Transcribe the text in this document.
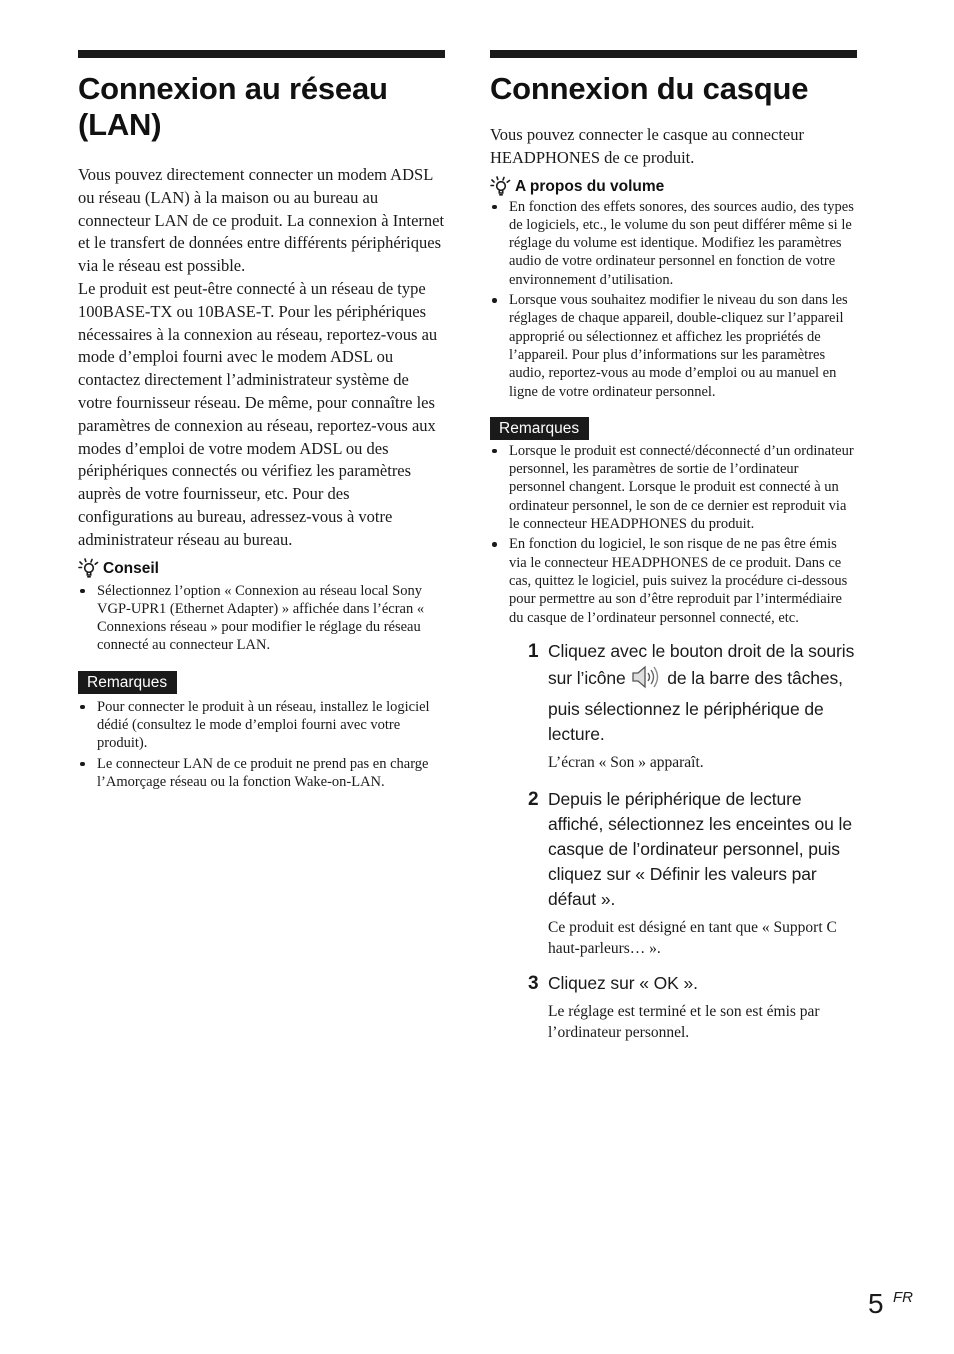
Connexion au réseau
(LAN)

Vous pouvez directement connecter un modem ADSL ou réseau (LAN) à la maison ou au bureau au connecteur LAN de ce produit. La connexion à Internet et le transfert de données entre différents périphériques via le réseau est possible.

Le produit est peut-être connecté à un réseau de type 100BASE-TX ou 10BASE-T. Pour les périphériques nécessaires à la connexion au réseau, reportez-vous au mode d’emploi fourni avec le modem ADSL ou contactez directement l’administrateur système de votre fournisseur réseau. De même, pour connaître les paramètres de connexion au réseau, reportez-vous aux modes d’emploi de votre modem ADSL ou des périphériques connectés ou vérifiez les paramètres auprès de votre fournisseur, etc. Pour des configurations au bureau, adressez-vous à votre administrateur réseau au bureau.

Conseil
Sélectionnez l’option « Connexion au réseau local Sony VGP-UPR1 (Ethernet Adapter) » affichée dans l’écran « Connexions réseau » pour modifier le réglage du réseau connecté au connecteur LAN.
Remarques
Pour connecter le produit à un réseau, installez le logiciel dédié (consultez le mode d’emploi fourni avec votre produit).
Le connecteur LAN de ce produit ne prend pas en charge l’Amorçage réseau ou la fonction Wake-on-LAN.
Connexion du casque

Vous pouvez connecter le casque au connecteur HEADPHONES de ce produit.

A propos du volume
En fonction des effets sonores, des sources audio, des types de logiciels, etc., le volume du son peut différer même si le réglage du volume est identique. Modifiez les paramètres audio de votre ordinateur personnel en fonction de votre environnement d’utilisation.
Lorsque vous souhaitez modifier le niveau du son dans les réglages de chaque appareil, double-cliquez sur l’appareil approprié ou sélectionnez et affichez les propriétés de l’appareil. Pour plus d’informations sur les paramètres audio, reportez-vous au mode d’emploi ou au manuel en ligne de votre ordinateur personnel.
Remarques
Lorsque le produit est connecté/déconnecté d’un ordinateur personnel, les paramètres de sortie de l’ordinateur personnel changent. Lorsque le produit est connecté à un ordinateur personnel, le son de ce dernier est reproduit via le connecteur HEADPHONES du produit.
En fonction du logiciel, le son risque de ne pas être émis via le connecteur HEADPHONES de ce produit. Dans ce cas, quittez le logiciel, puis suivez la procédure ci-dessous pour permettre au son d’être reproduit par l’intermédiaire du casque de l’ordinateur personnel connecté, etc.
1 Cliquez avec le bouton droit de la souris sur l’icône de la barre des tâches, puis sélectionnez le périphérique de lecture.

L’écran « Son » apparaît.

2 Depuis le périphérique de lecture affiché, sélectionnez les enceintes ou le casque de l’ordinateur personnel, puis cliquez sur « Définir les valeurs par défaut ».

Ce produit est désigné en tant que « Support C haut-parleurs… ».

3 Cliquez sur « OK ».

Le réglage est terminé et le son est émis par l’ordinateur personnel.

5 FR
